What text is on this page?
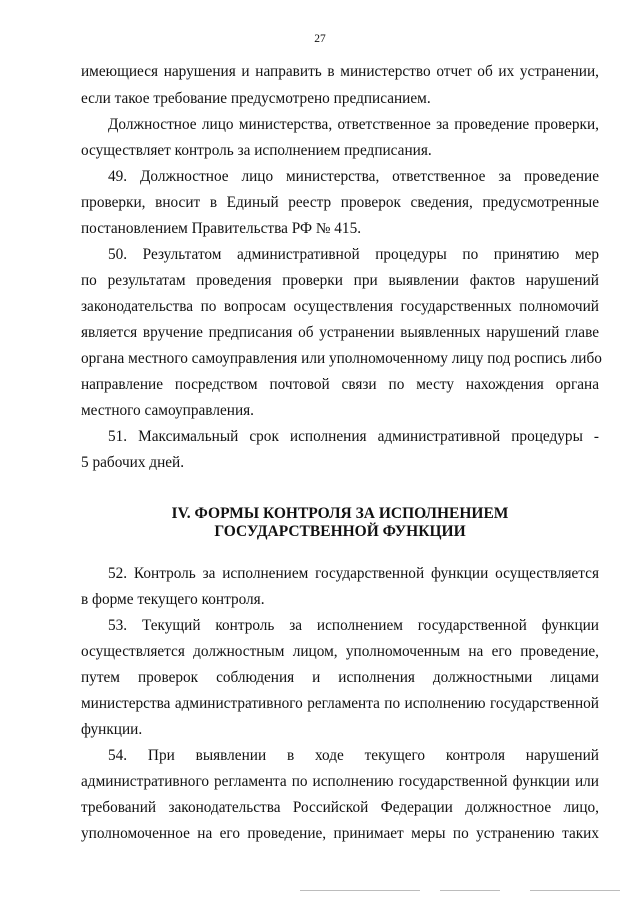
27
имеющиеся нарушения и направить в министерство отчет об их устранении,
если такое требование предусмотрено предписанием.
Должностное лицо министерства, ответственное за проведение проверки,
осуществляет контроль за исполнением предписания.
49. Должностное лицо министерства, ответственное за проведение
проверки, вносит в Единый реестр проверок сведения, предусмотренные
постановлением Правительства РФ № 415.
50. Результатом административной процедуры по принятию мер
по результатам проведения проверки при выявлении фактов нарушений
законодательства по вопросам осуществления государственных полномочий
является вручение предписания об устранении выявленных нарушений главе
органа местного самоуправления или уполномоченному лицу под роспись либо
направление посредством почтовой связи по месту нахождения органа
местного самоуправления.
51. Максимальный срок исполнения административной процедуры -
5 рабочих дней.
IV. ФОРМЫ КОНТРОЛЯ ЗА ИСПОЛНЕНИЕМ
ГОСУДАРСТВЕННОЙ ФУНКЦИИ
52. Контроль за исполнением государственной функции осуществляется
в форме текущего контроля.
53. Текущий контроль за исполнением государственной функции
осуществляется должностным лицом, уполномоченным на его проведение,
путем проверок соблюдения и исполнения должностными лицами
министерства административного регламента по исполнению государственной
функции.
54. При выявлении в ходе текущего контроля нарушений
административного регламента по исполнению государственной функции или
требований законодательства Российской Федерации должностное лицо,
уполномоченное на его проведение, принимает меры по устранению таких
